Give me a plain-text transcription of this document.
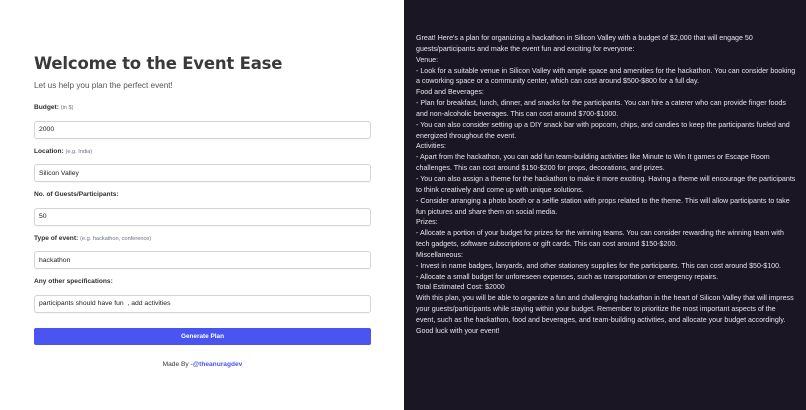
Welcome to the Event Ease

Let us help you plan the perfect event!

Budget: (in $)
2000
Location: (e.g. India)
Silicon Valley
No. of Guests/Participants:
50
Type of event: (e.g. hackathon, conference)
hackathon
Any other specifications:
participants should have fun , add activities
Generate Plan
Made By -@theanuragdev
Great! Here's a plan for organizing a hackathon in Silicon Valley with a budget of $2,000 that will engage 50 guests/participants and make the event fun and exciting for everyone:
Venue:
- Look for a suitable venue in Silicon Valley with ample space and amenities for the hackathon. You can consider booking a coworking space or a community center, which can cost around $500-$800 for a full day.
Food and Beverages:
- Plan for breakfast, lunch, dinner, and snacks for the participants. You can hire a caterer who can provide finger foods and non-alcoholic beverages. This can cost around $700-$1000.
- You can also consider setting up a DIY snack bar with popcorn, chips, and candies to keep the participants fueled and energized throughout the event.
Activities:
- Apart from the hackathon, you can add fun team-building activities like Minute to Win It games or Escape Room challenges. This can cost around $150-$200 for props, decorations, and prizes.
- You can also assign a theme for the hackathon to make it more exciting. Having a theme will encourage the participants to think creatively and come up with unique solutions.
- Consider arranging a photo booth or a selfie station with props related to the theme. This will allow participants to take fun pictures and share them on social media.
Prizes:
- Allocate a portion of your budget for prizes for the winning teams. You can consider rewarding the winning team with tech gadgets, software subscriptions or gift cards. This can cost around $150-$200.
Miscellaneous:
- Invest in name badges, lanyards, and other stationery supplies for the participants. This can cost around $50-$100.
- Allocate a small budget for unforeseen expenses, such as transportation or emergency repairs.
Total Estimated Cost: $2000
With this plan, you will be able to organize a fun and challenging hackathon in the heart of Silicon Valley that will impress your guests/participants while staying within your budget. Remember to prioritize the most important aspects of the event, such as the hackathon, food and beverages, and team-building activities, and allocate your budget accordingly. Good luck with your event!
